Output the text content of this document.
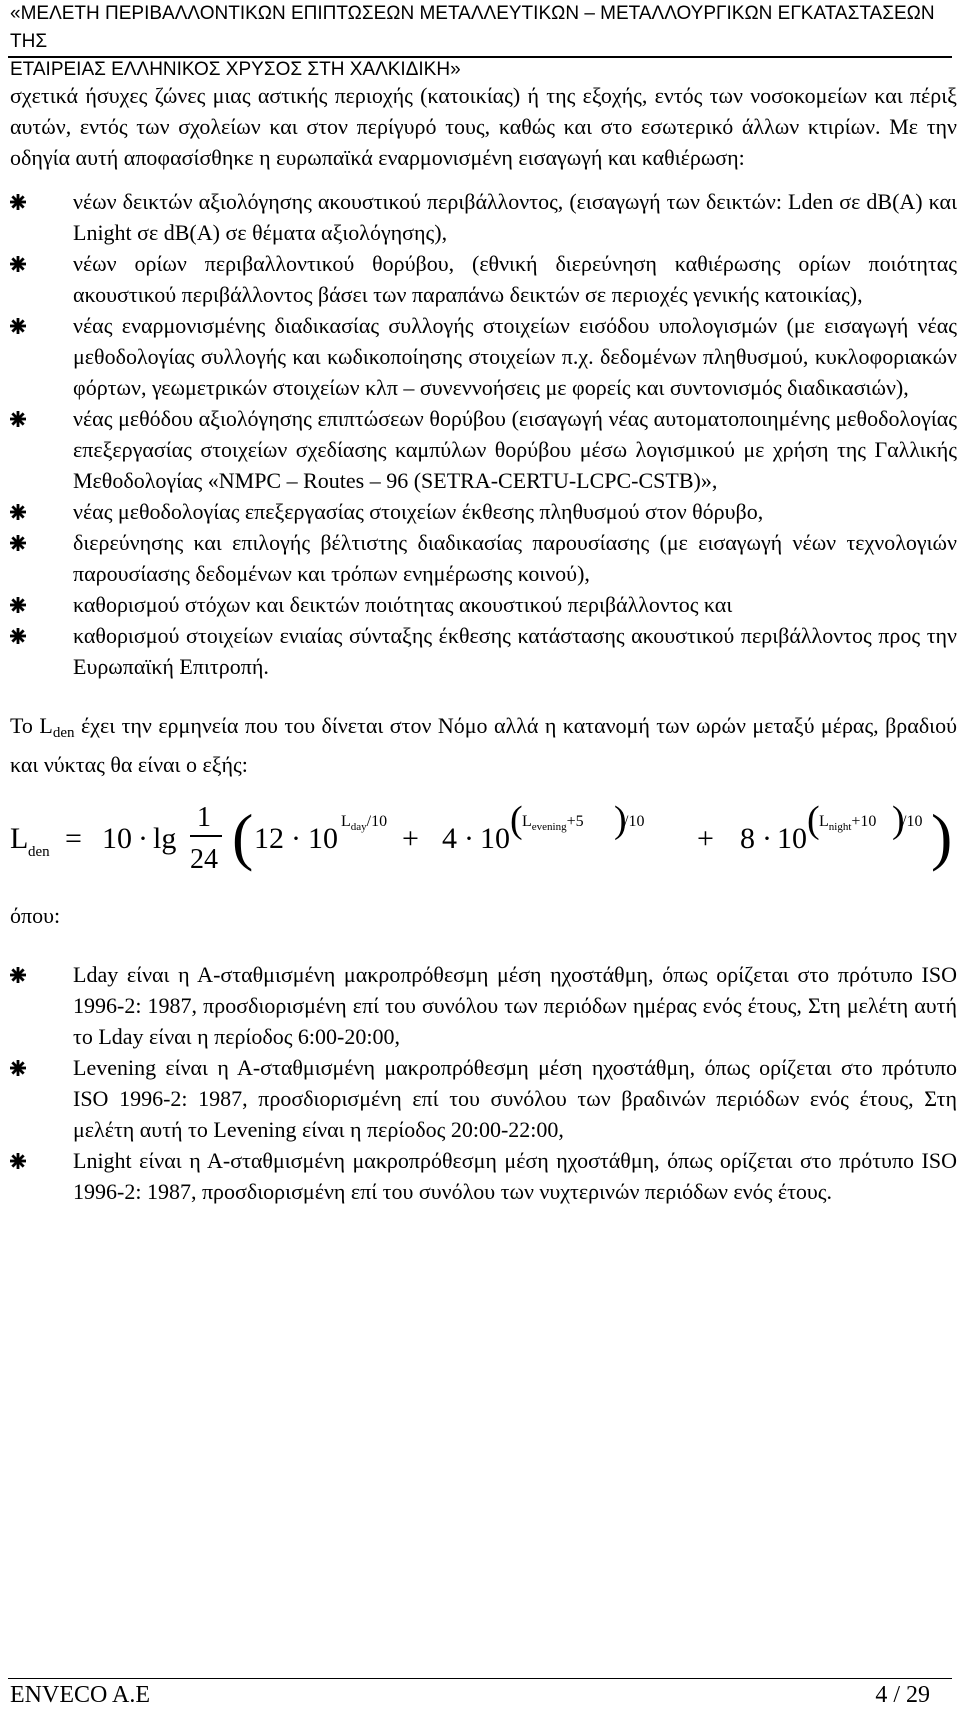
«ΜΕΛΕΤΗ ΠΕΡΙΒΑΛΛΟΝΤΙΚΩΝ ΕΠΙΠΤΩΣΕΩΝ ΜΕΤΑΛΛΕΥΤΙΚΩΝ – ΜΕΤΑΛΛΟΥΡΓΙΚΩΝ ΕΓΚΑΤΑΣΤΑΣΕΩΝ ΤΗΣ
ΕΤΑΙΡΕΙΑΣ ΕΛΛΗΝΙΚΟΣ ΧΡΥΣΟΣ ΣΤΗ ΧΑΛΚΙΔΙΚΗ»

σχετικά ήσυχες ζώνες μιας αστικής περιοχής (κατοικίας) ή της εξοχής, εντός των νοσοκομείων και πέριξ αυτών, εντός των σχολείων και στον περίγυρό τους, καθώς και στο εσωτερικό άλλων κτιρίων. Με την οδηγία αυτή αποφασίσθηκε η ευρωπαϊκά εναρμονισμένη εισαγωγή και καθιέρωση:

νέων δεικτών αξιολόγησης ακουστικού περιβάλλοντος, (εισαγωγή των δεικτών: Lden σε dB(A) και Lnight σε dB(A) σε θέματα αξιολόγησης),
νέων ορίων περιβαλλοντικού θορύβου, (εθνική διερεύνηση καθιέρωσης ορίων ποιότητας ακουστικού περιβάλλοντος βάσει των παραπάνω δεικτών σε περιοχές γενικής κατοικίας),
νέας εναρμονισμένης διαδικασίας συλλογής στοιχείων εισόδου υπολογισμών (με εισαγωγή νέας μεθοδολογίας συλλογής και κωδικοποίησης στοιχείων π.χ. δεδομένων πληθυσμού, κυκλοφοριακών φόρτων, γεωμετρικών στοιχείων κλπ – συνεννοήσεις με φορείς και συντονισμός διαδικασιών),
νέας μεθόδου αξιολόγησης επιπτώσεων θορύβου (εισαγωγή νέας αυτοματοποιημένης μεθοδολογίας επεξεργασίας στοιχείων σχεδίασης καμπύλων θορύβου μέσω λογισμικού με χρήση της Γαλλικής Μεθοδολογίας «NMPC – Routes – 96 (SETRA-CERTU-LCPC-CSTB)»,
νέας μεθοδολογίας επεξεργασίας στοιχείων έκθεσης πληθυσμού στον θόρυβο,
διερεύνησης και επιλογής βέλτιστης διαδικασίας παρουσίασης (με εισαγωγή νέων τεχνολογιών παρουσίασης δεδομένων και τρόπων ενημέρωσης κοινού),
καθορισμού στόχων και δεικτών ποιότητας ακουστικού περιβάλλοντος και
καθορισμού στοιχείων ενιαίας σύνταξης έκθεσης κατάστασης ακουστικού περιβάλλοντος προς την Ευρωπαϊκή Επιτροπή.

Το $L_{den}$ έχει την ερμηνεία που του δίνεται στον Νόμο αλλά η κατανομή των ωρών μεταξύ μέρας, βραδιού και νύκτας θα είναι ο εξής:

L den = 10 · lg
1
24 ( 12 · 10
$L_{day}/10$
+ 4 · 10 ( $L_{evening}+5$ )
/10
+ 8 · 10 ( $L_{night}+10$ )
/10 )

όπου:

Lday είναι η Α-σταθμισμένη μακροπρόθεσμη μέση ηχοστάθμη, όπως ορίζεται στο πρότυπο ISO 1996-2: 1987, προσδιορισμένη επί του συνόλου των περιόδων ημέρας ενός έτους, Στη μελέτη αυτή το Lday είναι η περίοδος 6:00-20:00,
Levening είναι η Α-σταθμισμένη μακροπρόθεσμη μέση ηχοστάθμη, όπως ορίζεται στο πρότυπο ISO 1996-2: 1987, προσδιορισμένη επί του συνόλου των βραδινών περιόδων ενός έτους, Στη μελέτη αυτή το Levening είναι η περίοδος 20:00-22:00,
Lnight είναι η Α-σταθμισμένη μακροπρόθεσμη μέση ηχοστάθμη, όπως ορίζεται στο πρότυπο ISO 1996-2: 1987, προσδιορισμένη επί του συνόλου των νυχτερινών περιόδων ενός έτους.
ENVECO A.E	4 / 29
